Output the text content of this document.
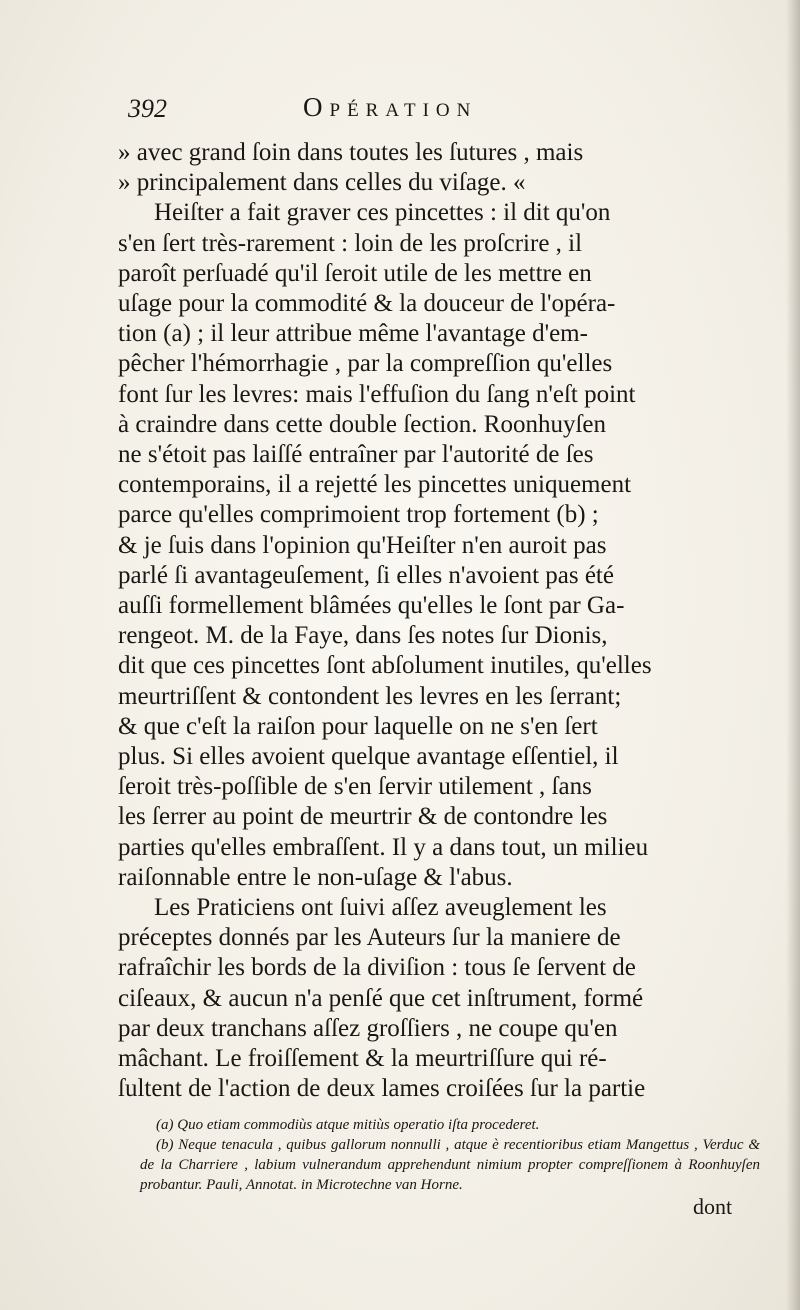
392	Opération

» avec grand ſoin dans toutes les ſutures , mais

» principalement dans celles du viſage. «

Heiſter a fait graver ces pincettes : il dit qu'on

s'en ſert très-rarement : loin de les proſcrire , il

paroît perſuadé qu'il ſeroit utile de les mettre en

uſage pour la commodité & la douceur de l'opéra-

tion (a) ; il leur attribue même l'avantage d'em-

pêcher l'hémorrhagie , par la compreſſion qu'elles

font ſur les levres: mais l'effuſion du ſang n'eſt point

à craindre dans cette double ſection. Roonhuyſen

ne s'étoit pas laiſſé entraîner par l'autorité de ſes

contemporains, il a rejetté les pincettes uniquement

parce qu'elles comprimoient trop fortement (b) ;

& je ſuis dans l'opinion qu'Heiſter n'en auroit pas

parlé ſi avantageuſement, ſi elles n'avoient pas été

auſſi formellement blâmées qu'elles le ſont par Ga-

rengeot. M. de la Faye, dans ſes notes ſur Dionis,

dit que ces pincettes ſont abſolument inutiles, qu'elles

meurtriſſent & contondent les levres en les ſerrant;

& que c'eſt la raiſon pour laquelle on ne s'en ſert

plus. Si elles avoient quelque avantage eſſentiel, il

ſeroit très-poſſible de s'en ſervir utilement , ſans

les ſerrer au point de meurtrir & de contondre les

parties qu'elles embraſſent. Il y a dans tout, un milieu

raiſonnable entre le non-uſage & l'abus.

Les Praticiens ont ſuivi aſſez aveuglement les

préceptes donnés par les Auteurs ſur la maniere de

rafraîchir les bords de la diviſion : tous ſe ſervent de

ciſeaux, & aucun n'a penſé que cet inſtrument, formé

par deux tranchans aſſez groſſiers , ne coupe qu'en

mâchant. Le froiſſement & la meurtriſſure qui ré-

ſultent de l'action de deux lames croiſées ſur la partie

(a) Quo etiam commodiùs atque mitiùs operatio iſta procederet.

(b) Neque tenacula , quibus gallorum nonnulli , atque è recentioribus etiam Mangettus , Verduc & de la Charriere , labium vulnerandum apprehendunt nimium propter compreſſionem à Roonhuyſen probantur. Pauli, Annotat. in Microtechne van Horne.

dont
